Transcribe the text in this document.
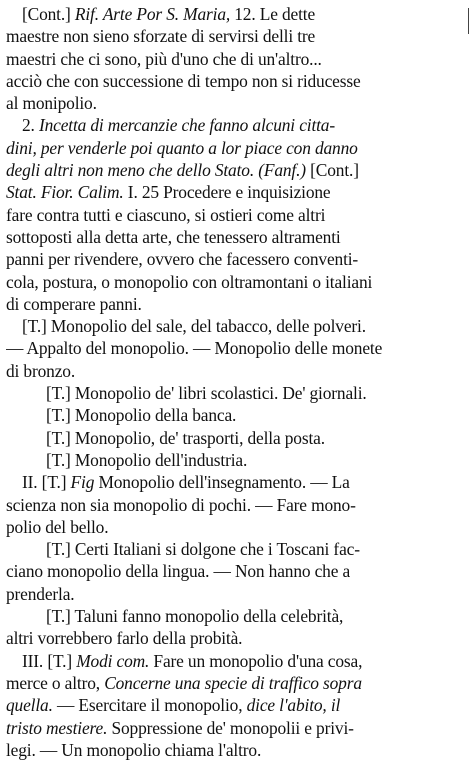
[Cont.] Rif. Arte Por S. Maria, 12. Le dette
maestre non sieno sforzate di servirsi delli tre
maestri che ci sono, più d'uno che di un'altro...
acciò che con successione di tempo non si riducesse
al monipolio.
2. Incetta di mercanzie che fanno alcuni citta-
dini, per venderle poi quanto a lor piace con danno
degli altri non meno che dello Stato. (Fanf.) [Cont.]
Stat. Fior. Calim. I. 25 Procedere e inquisizione
fare contra tutti e ciascuno, si ostieri come altri
sottoposti alla detta arte, che tenessero altramenti
panni per rivendere, ovvero che facessero conventi-
cola, postura, o monopolio con oltramontani o italiani
di comperare panni.
[T.] Monopolio del sale, del tabacco, delle polveri.
— Appalto del monopolio. — Monopolio delle monete
di bronzo.
[T.] Monopolio de' libri scolastici. De' giornali.
[T.] Monopolio della banca.
[T.] Monopolio, de' trasporti, della posta.
[T.] Monopolio dell'industria.
II. [T.] Fig Monopolio dell'insegnamento. — La
scienza non sia monopolio di pochi. — Fare mono-
polio del bello.
[T.] Certi Italiani si dolgone che i Toscani fac-
ciano monopolio della lingua. — Non hanno che a
prenderla.
[T.] Taluni fanno monopolio della celebrità,
altri vorrebbero farlo della probità.
III. [T.] Modi com. Fare un monopolio d'una cosa,
merce o altro, Concerne una specie di traffico sopra
quella. — Esercitare il monopolio, dice l'abito, il
tristo mestiere. Soppressione de' monopolii e privi-
legi. — Un monopolio chiama l'altro.
